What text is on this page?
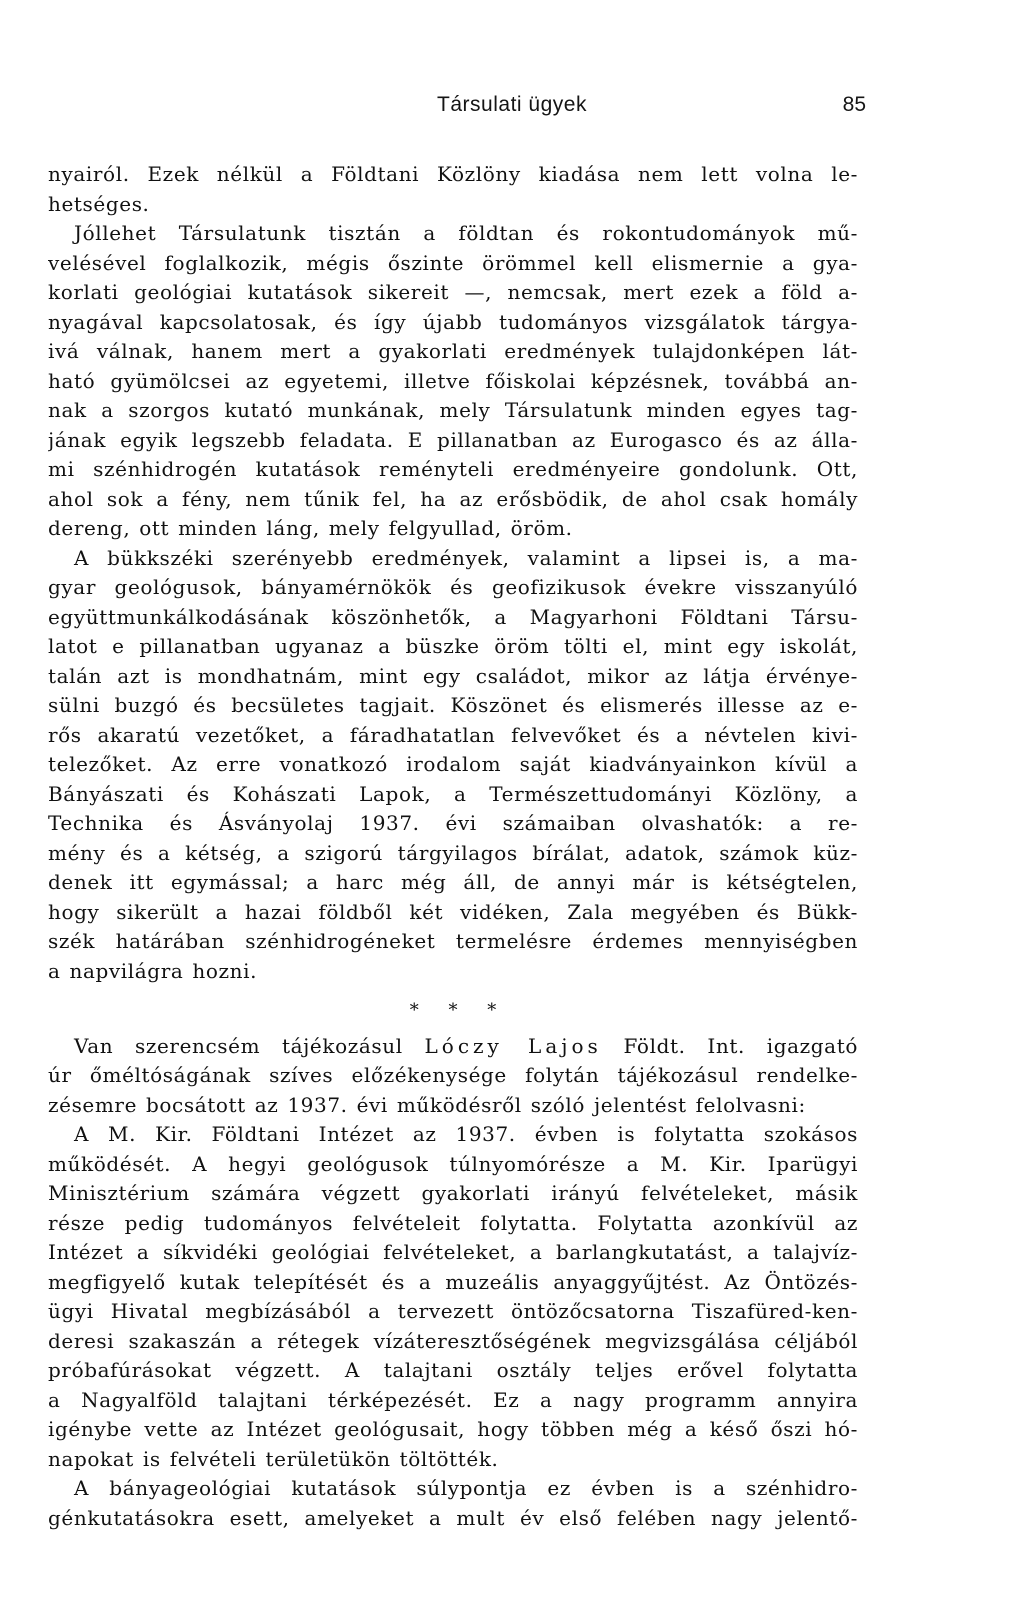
Társulati ügyek	85
nyairól. Ezek nélkül a Földtani Közlöny kiadása nem lett volna le-
hetséges.
Jóllehet Társulatunk tisztán a földtan és rokontudományok mű-
velésével foglalkozik, mégis őszinte örömmel kell elismernie a gya-
korlati geológiai kutatások sikereit —, nemcsak, mert ezek a föld a-
nyagával kapcsolatosak, és így újabb tudományos vizsgálatok tárgya-
ivá válnak, hanem mert a gyakorlati eredmények tulajdonképen lát-
ható gyümölcsei az egyetemi, illetve főiskolai képzésnek, továbbá an-
nak a szorgos kutató munkának, mely Társulatunk minden egyes tag-
jának egyik legszebb feladata. E pillanatban az Eurogasco és az álla-
mi szénhidrogén kutatások reményteli eredményeire gondolunk. Ott,
ahol sok a fény, nem tűnik fel, ha az erősbödik, de ahol csak homály
dereng, ott minden láng, mely felgyullad, öröm.
A bükkszéki szerényebb eredmények, valamint a lipsei is, a ma-
gyar geológusok, bányamérnökök és geofizikusok évekre visszanyúló
együttmunkálkodásának köszönhetők, a Magyarhoni Földtani Társu-
latot e pillanatban ugyanaz a büszke öröm tölti el, mint egy iskolát,
talán azt is mondhatnám, mint egy családot, mikor az látja érvénye-
sülni buzgó és becsületes tagjait. Köszönet és elismerés illesse az e-
rős akaratú vezetőket, a fáradhatatlan felvevőket és a névtelen kivi-
telezőket. Az erre vonatkozó irodalom saját kiadványainkon kívül a
Bányászati és Kohászati Lapok, a Természettudományi Közlöny, a
Technika és Ásványolaj 1937. évi számaiban olvashatók: a re-
mény és a kétség, a szigorú tárgyilagos bírálat, adatok, számok küz-
denek itt egymással; a harc még áll, de annyi már is kétségtelen,
hogy sikerült a hazai földből két vidéken, Zala megyében és Bükk-
szék határában szénhidrogéneket termelésre érdemes mennyiségben
a napvilágra hozni.
* * *
Van szerencsém tájékozásul Lóczy Lajos Földt. Int. igazgató
úr őméltóságának szíves előzékenysége folytán tájékozásul rendelke-
zésemre bocsátott az 1937. évi működésről szóló jelentést felolvasni:
A M. Kir. Földtani Intézet az 1937. évben is folytatta szokásos
működését. A hegyi geológusok túlnyomórésze a M. Kir. Iparügyi
Minisztérium számára végzett gyakorlati irányú felvételeket, másik
része pedig tudományos felvételeit folytatta. Folytatta azonkívül az
Intézet a síkvidéki geológiai felvételeket, a barlangkutatást, a talajvíz-
megfigyelő kutak telepítését és a muzeális anyaggyűjtést. Az Öntözés-
ügyi Hivatal megbízásából a tervezett öntözőcsatorna Tiszafüred-ken-
deresi szakaszán a rétegek vízáteresztőségének megvizsgálása céljából
próbafúrásokat végzett. A talajtani osztály teljes erővel folytatta
a Nagyalföld talajtani térképezését. Ez a nagy programm annyira
igénybe vette az Intézet geológusait, hogy többen még a késő őszi hó-
napokat is felvételi területükön töltötték.
A bányageológiai kutatások súlypontja ez évben is a szénhidro-
génkutatásokra esett, amelyeket a mult év első felében nagy jelentő-
